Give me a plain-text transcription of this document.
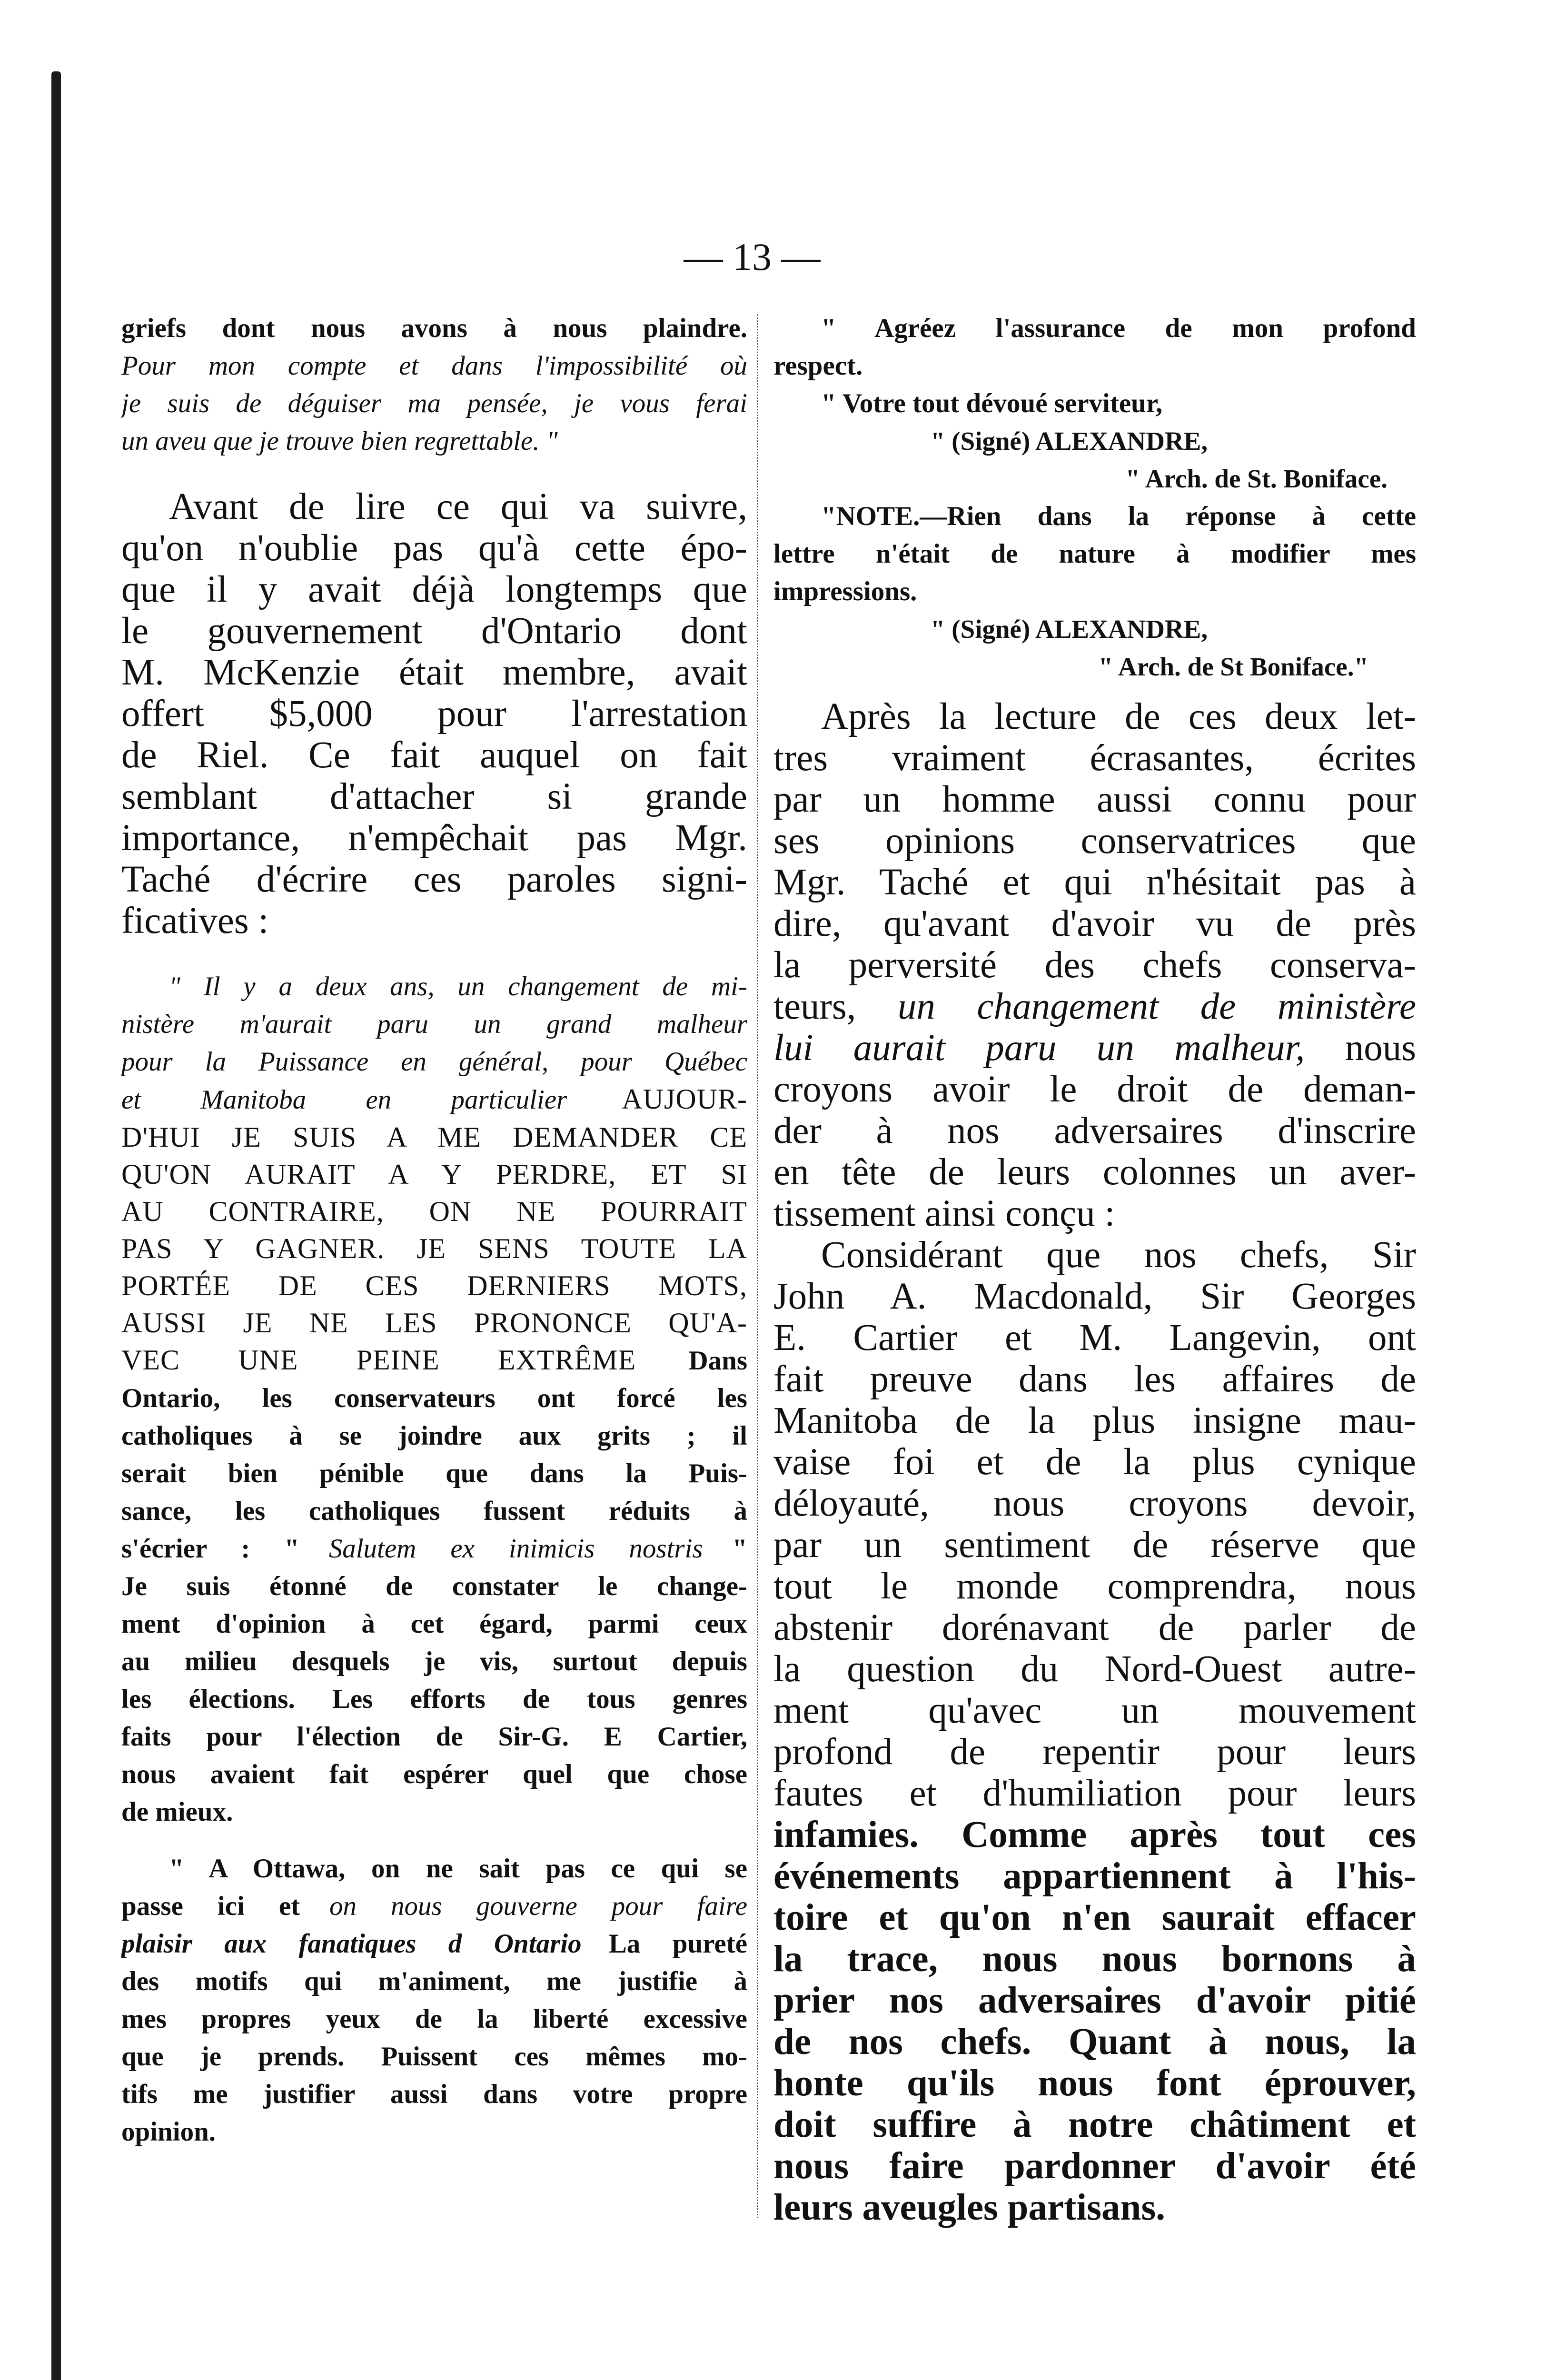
— 13 —
griefs dont nous avons à nous plaindre.
Pour mon compte et dans l'impossibilité où
je suis de déguiser ma pensée, je vous ferai
un aveu que je trouve bien regrettable. "
Avant de lire ce qui va suivre,
qu'on n'oublie pas qu'à cette épo-
que il y avait déjà longtemps que
le gouvernement d'Ontario dont
M. McKenzie était membre, avait
offert $5,000 pour l'arrestation
de Riel. Ce fait auquel on fait
semblant d'attacher si grande
importance, n'empêchait pas Mgr.
Taché d'écrire ces paroles signi-
ficatives :
" Il y a deux ans, un changement de mi-
nistère m'aurait paru un grand malheur
pour la Puissance en général, pour Québec
et Manitoba en particulier AUJOUR-
D'HUI JE SUIS A ME DEMANDER CE
QU'ON AURAIT A Y PERDRE, ET SI
AU CONTRAIRE, ON NE POURRAIT
PAS Y GAGNER. JE SENS TOUTE LA
PORTÉE DE CES DERNIERS MOTS,
AUSSI JE NE LES PRONONCE QU'A-
VEC UNE PEINE EXTRÊME Dans
Ontario, les conservateurs ont forcé les
catholiques à se joindre aux grits ; il
serait bien pénible que dans la Puis-
sance, les catholiques fussent réduits à
s'écrier : " Salutem ex inimicis nostris "
Je suis étonné de constater le change-
ment d'opinion à cet égard, parmi ceux
au milieu desquels je vis, surtout depuis
les élections. Les efforts de tous genres
faits pour l'élection de Sir-G. E Cartier,
nous avaient fait espérer quel que chose
de mieux.
" A Ottawa, on ne sait pas ce qui se
passe ici et on nous gouverne pour faire
plaisir aux fanatiques d Ontario La pureté
des motifs qui m'animent, me justifie à
mes propres yeux de la liberté excessive
que je prends. Puissent ces mêmes mo-
tifs me justifier aussi dans votre propre
opinion.
" Agréez l'assurance de mon profond
respect.
" Votre tout dévoué serviteur,
" (Signé) ALEXANDRE,
" Arch. de St. Boniface.
"NOTE.—Rien dans la réponse à cette
lettre n'était de nature à modifier mes
impressions.
" (Signé) ALEXANDRE,
" Arch. de St Boniface."
Après la lecture de ces deux let-
tres vraiment écrasantes, écrites
par un homme aussi connu pour
ses opinions conservatrices que
Mgr. Taché et qui n'hésitait pas à
dire, qu'avant d'avoir vu de près
la perversité des chefs conserva-
teurs, un changement de ministère
lui aurait paru un malheur, nous
croyons avoir le droit de deman-
der à nos adversaires d'inscrire
en tête de leurs colonnes un aver-
tissement ainsi conçu :
Considérant que nos chefs, Sir
John A. Macdonald, Sir Georges
E. Cartier et M. Langevin, ont
fait preuve dans les affaires de
Manitoba de la plus insigne mau-
vaise foi et de la plus cynique
déloyauté, nous croyons devoir,
par un sentiment de réserve que
tout le monde comprendra, nous
abstenir dorénavant de parler de
la question du Nord-Ouest autre-
ment qu'avec un mouvement
profond de repentir pour leurs
fautes et d'humiliation pour leurs
infamies. Comme après tout ces
événements appartiennent à l'his-
toire et qu'on n'en saurait effacer
la trace, nous nous bornons à
prier nos adversaires d'avoir pitié
de nos chefs. Quant à nous, la
honte qu'ils nous font éprouver,
doit suffire à notre châtiment et
nous faire pardonner d'avoir été
leurs aveugles partisans.
